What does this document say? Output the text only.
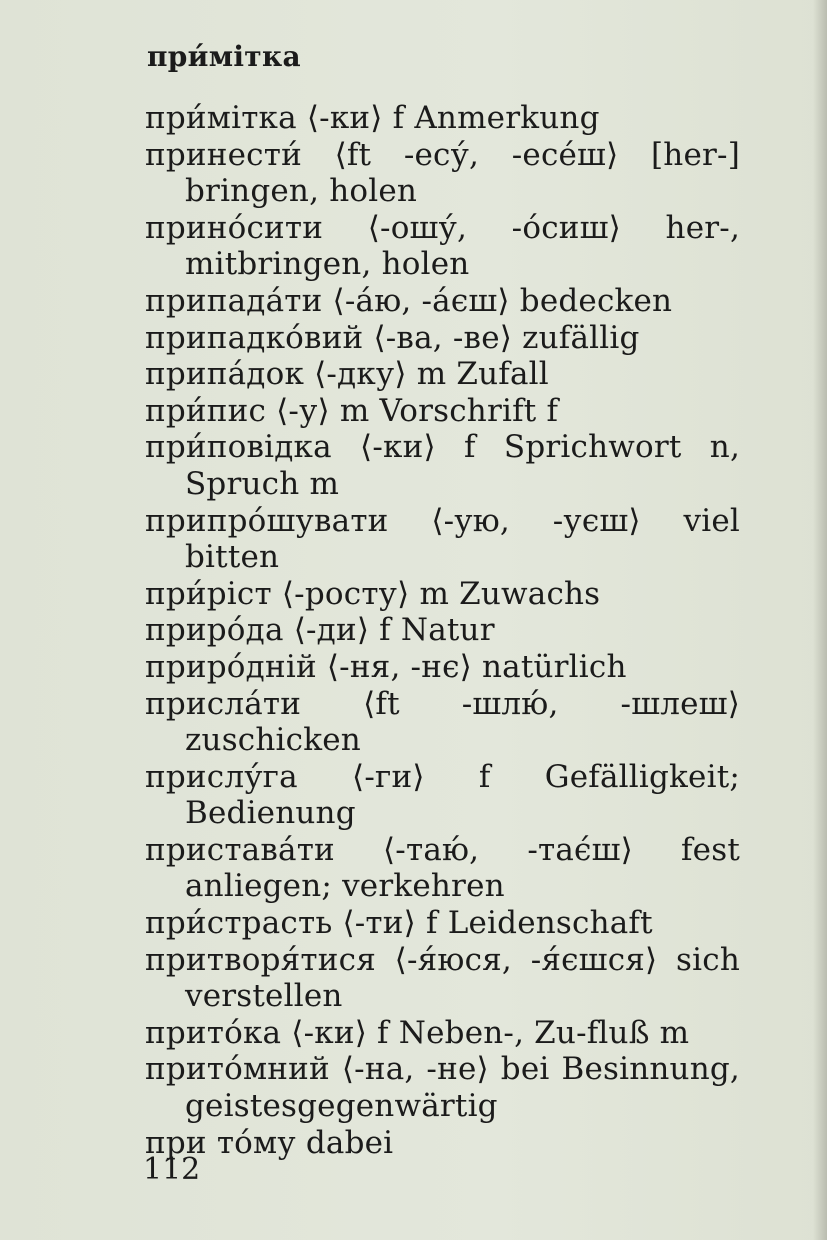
при́мітка

при́мітка ⟨-ки⟩ f Anmerkung

принести́ ⟨ft -есу́, -есе́ш⟩ [her-] bringen, holen

прино́сити ⟨-ошу́, -о́сиш⟩ her-, mitbringen, holen

припада́ти ⟨-а́ю, -а́єш⟩ bedecken

припадко́вий ⟨-ва, -ве⟩ zufällig

припа́док ⟨-дку⟩ m Zufall

при́пис ⟨-у⟩ m Vorschrift f

при́повідка ⟨-ки⟩ f Sprichwort n, Spruch m

припро́шувати ⟨-ую, -уєш⟩ viel bitten

при́ріст ⟨-росту⟩ m Zuwachs

приро́да ⟨-ди⟩ f Natur

приро́дній ⟨-ня, -нє⟩ natürlich

присла́ти ⟨ft -шлю́, -шлеш⟩ zuschicken

прислу́га ⟨-ги⟩ f Gefälligkeit; Bedienung

пристава́ти ⟨-таю́, -тає́ш⟩ fest anliegen; verkehren

при́страсть ⟨-ти⟩ f Leidenschaft

притворя́тися ⟨-я́юся, -я́єшся⟩ sich verstellen

прито́ка ⟨-ки⟩ f Neben-, Zu-fluß m

прито́мний ⟨-на, -не⟩ bei Besinnung, geistesgegenwärtig

при то́му dabei

112
